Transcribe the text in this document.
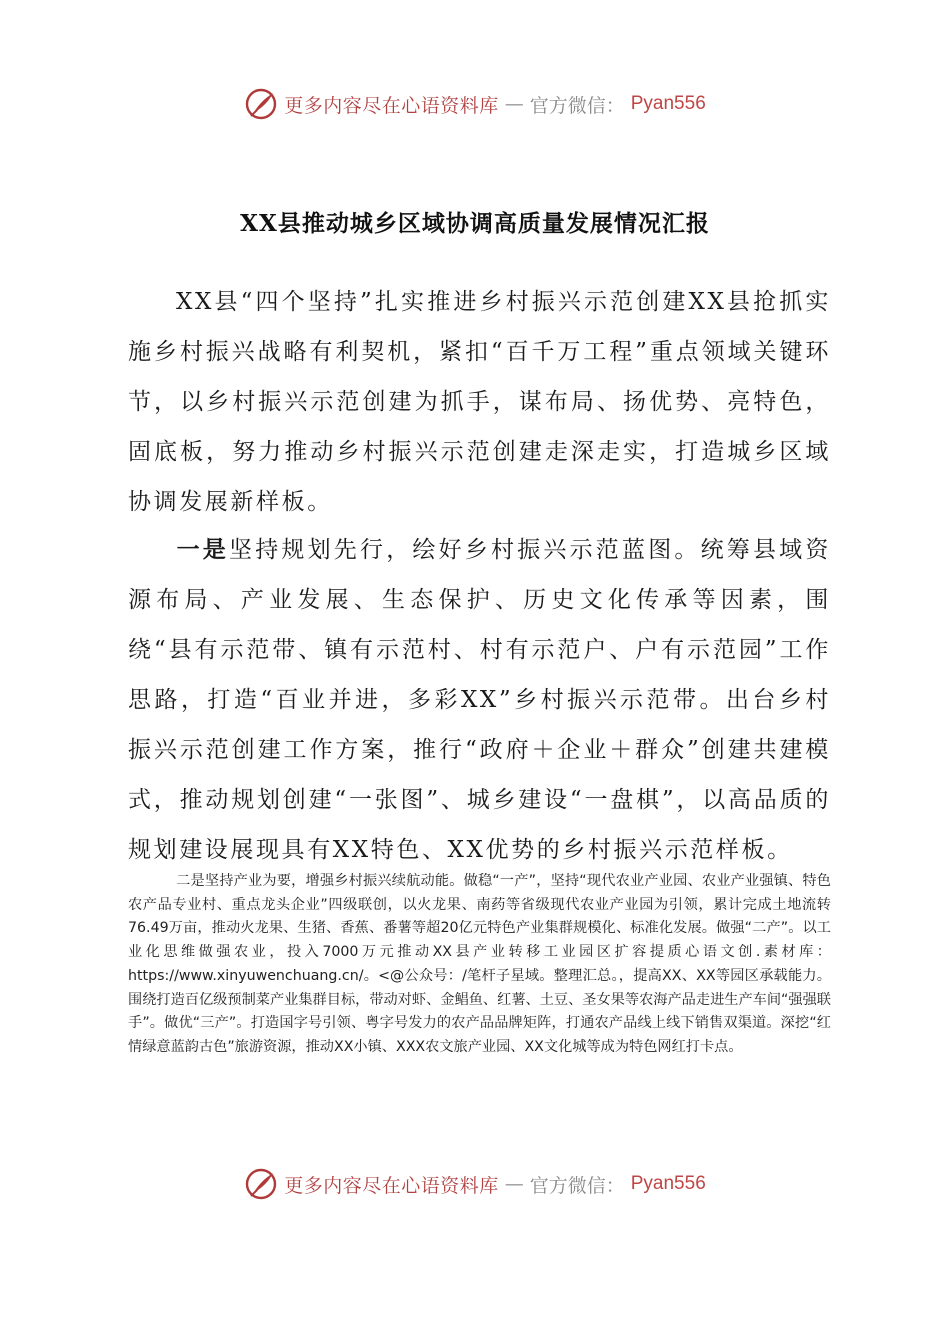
更多内容尽在心语资料库 — 官方微信： Pyan556
XX县推动城乡区域协调高质量发展情况汇报
XX县“四个坚持”扎实推进乡村振兴示范创建XX县抢抓实施乡村振兴战略有利契机，紧扣“百千万工程”重点领域关键环节，以乡村振兴示范创建为抓手，谋布局、扬优势、亮特色，固底板，努力推动乡村振兴示范创建走深走实，打造城乡区域协调发展新样板。
一是坚持规划先行，绘好乡村振兴示范蓝图。统筹县域资源布局、产业发展、生态保护、历史文化传承等因素，围绕“县有示范带、镇有示范村、村有示范户、户有示范园”工作思路，打造“百业并进，多彩XX”乡村振兴示范带。出台乡村振兴示范创建工作方案，推行“政府＋企业＋群众”创建共建模式，推动规划创建“一张图”、城乡建设“一盘棋”，以高品质的规划建设展现具有XX特色、XX优势的乡村振兴示范样板。
二是坚持产业为要，增强乡村振兴续航动能。做稳“一产”，坚持“现代农业产业园、农业产业强镇、特色农产品专业村、重点龙头企业”四级联创，以火龙果、南药等省级现代农业产业园为引领，累计完成土地流转76.49万亩，推动火龙果、生猪、香蕉、番薯等超20亿元特色产业集群规模化、标准化发展。做强“二产”。以工业化思维做强农业，投入7000万元推动XX县产业转移工业园区扩容提质心语文创.素材库：https://www.xinyuwenchuang.cn/。<@公众号：/笔杆子星域。整理汇总。，提高XX、XX等园区承载能力。围绕打造百亿级预制菜产业集群目标，带动对虾、金鲳鱼、红薯、土豆、圣女果等农海产品走进生产车间“强强联手”。做优“三产”。打造国字号引领、粤字号发力的农产品品牌矩阵，打通农产品线上线下销售双渠道。深挖“红情绿意蓝韵古色”旅游资源，推动XX小镇、XXX农文旅产业园、XX文化城等成为特色网红打卡点。
更多内容尽在心语资料库 — 官方微信： Pyan556
